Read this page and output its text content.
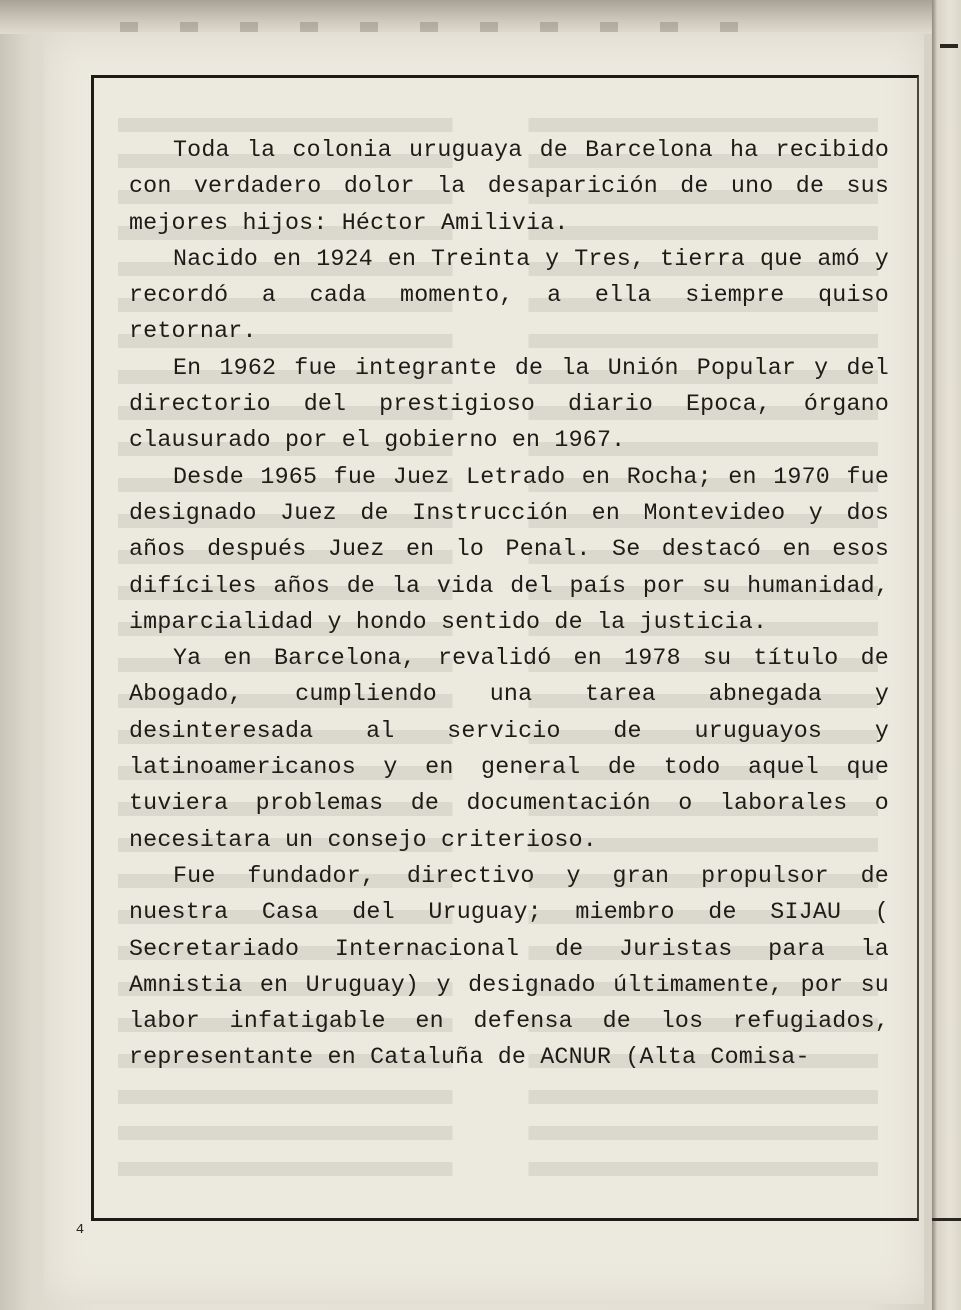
Toda la colonia uruguaya de Barcelona ha recibido con verdadero dolor la desaparición de uno de sus mejores hijos: Héctor Amilivia.

Nacido en 1924 en Treinta y Tres, tierra que amó y recordó a cada momento, a ella siempre quiso retornar.

En 1962 fue integrante de la Unión Popular y del directorio del prestigioso diario Epoca, órgano clausurado por el gobierno en 1967.

Desde 1965 fue Juez Letrado en Rocha; en 1970 fue designado Juez de Instrucción en Montevideo y dos años después Juez en lo Penal. Se destacó en esos difíciles años de la vida del país por su humanidad, imparcialidad y hondo sentido de la justicia.

Ya en Barcelona, revalidó en 1978 su título de Abogado, cumpliendo una tarea abnegada y desinteresada al servicio de uruguayos y latinoamericanos y en general de todo aquel que tuviera problemas de documentación o laborales o necesitara un consejo criterioso.

Fue fundador, directivo y gran propulsor de nuestra Casa del Uruguay; miembro de SIJAU ( Secretariado Internacional de Juristas para la Amnistia en Uruguay) y designado últimamente, por su labor infatigable en defensa de los refugiados, representante en Cataluña de ACNUR (Alta Comisa-

4
